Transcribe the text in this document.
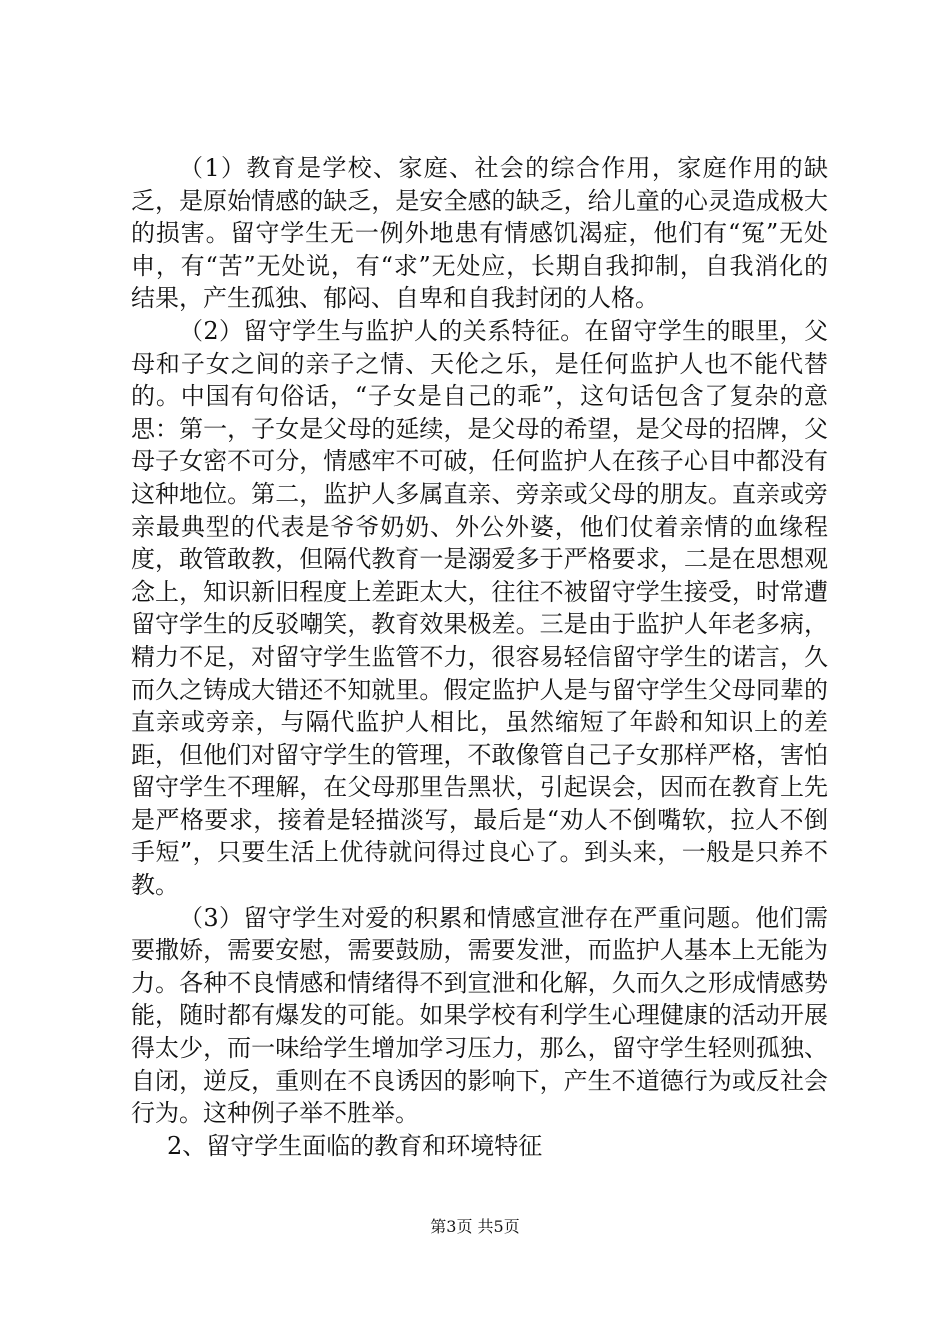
（1）教育是学校、家庭、社会的综合作用，家庭作用的缺乏，是原始情感的缺乏，是安全感的缺乏，给儿童的心灵造成极大的损害。留守学生无一例外地患有情感饥渴症，他们有“冤”无处申，有“苦”无处说，有“求”无处应，长期自我抑制，自我消化的结果，产生孤独、郁闷、自卑和自我封闭的人格。

（2）留守学生与监护人的关系特征。在留守学生的眼里，父母和子女之间的亲子之情、天伦之乐，是任何监护人也不能代替的。中国有句俗话，“子女是自己的乖”，这句话包含了复杂的意思：第一，子女是父母的延续，是父母的希望，是父母的招牌，父母子女密不可分，情感牢不可破，任何监护人在孩子心目中都没有这种地位。第二，监护人多属直亲、旁亲或父母的朋友。直亲或旁亲最典型的代表是爷爷奶奶、外公外婆，他们仗着亲情的血缘程度，敢管敢教，但隔代教育一是溺爱多于严格要求，二是在思想观念上，知识新旧程度上差距太大，往往不被留守学生接受，时常遭留守学生的反驳嘲笑，教育效果极差。三是由于监护人年老多病，精力不足，对留守学生监管不力，很容易轻信留守学生的诺言，久而久之铸成大错还不知就里。假定监护人是与留守学生父母同辈的直亲或旁亲，与隔代监护人相比，虽然缩短了年龄和知识上的差距，但他们对留守学生的管理，不敢像管自己子女那样严格，害怕留守学生不理解，在父母那里告黑状，引起误会，因而在教育上先是严格要求，接着是轻描淡写，最后是“劝人不倒嘴软，拉人不倒手短”，只要生活上优待就问得过良心了。到头来，一般是只养不教。

（3）留守学生对爱的积累和情感宣泄存在严重问题。他们需要撒娇，需要安慰，需要鼓励，需要发泄，而监护人基本上无能为力。各种不良情感和情绪得不到宣泄和化解，久而久之形成情感势能，随时都有爆发的可能。如果学校有利学生心理健康的活动开展得太少，而一味给学生增加学习压力，那么，留守学生轻则孤独、自闭，逆反，重则在不良诱因的影响下，产生不道德行为或反社会行为。这种例子举不胜举。

2、留守学生面临的教育和环境特征

第3页 共5页
